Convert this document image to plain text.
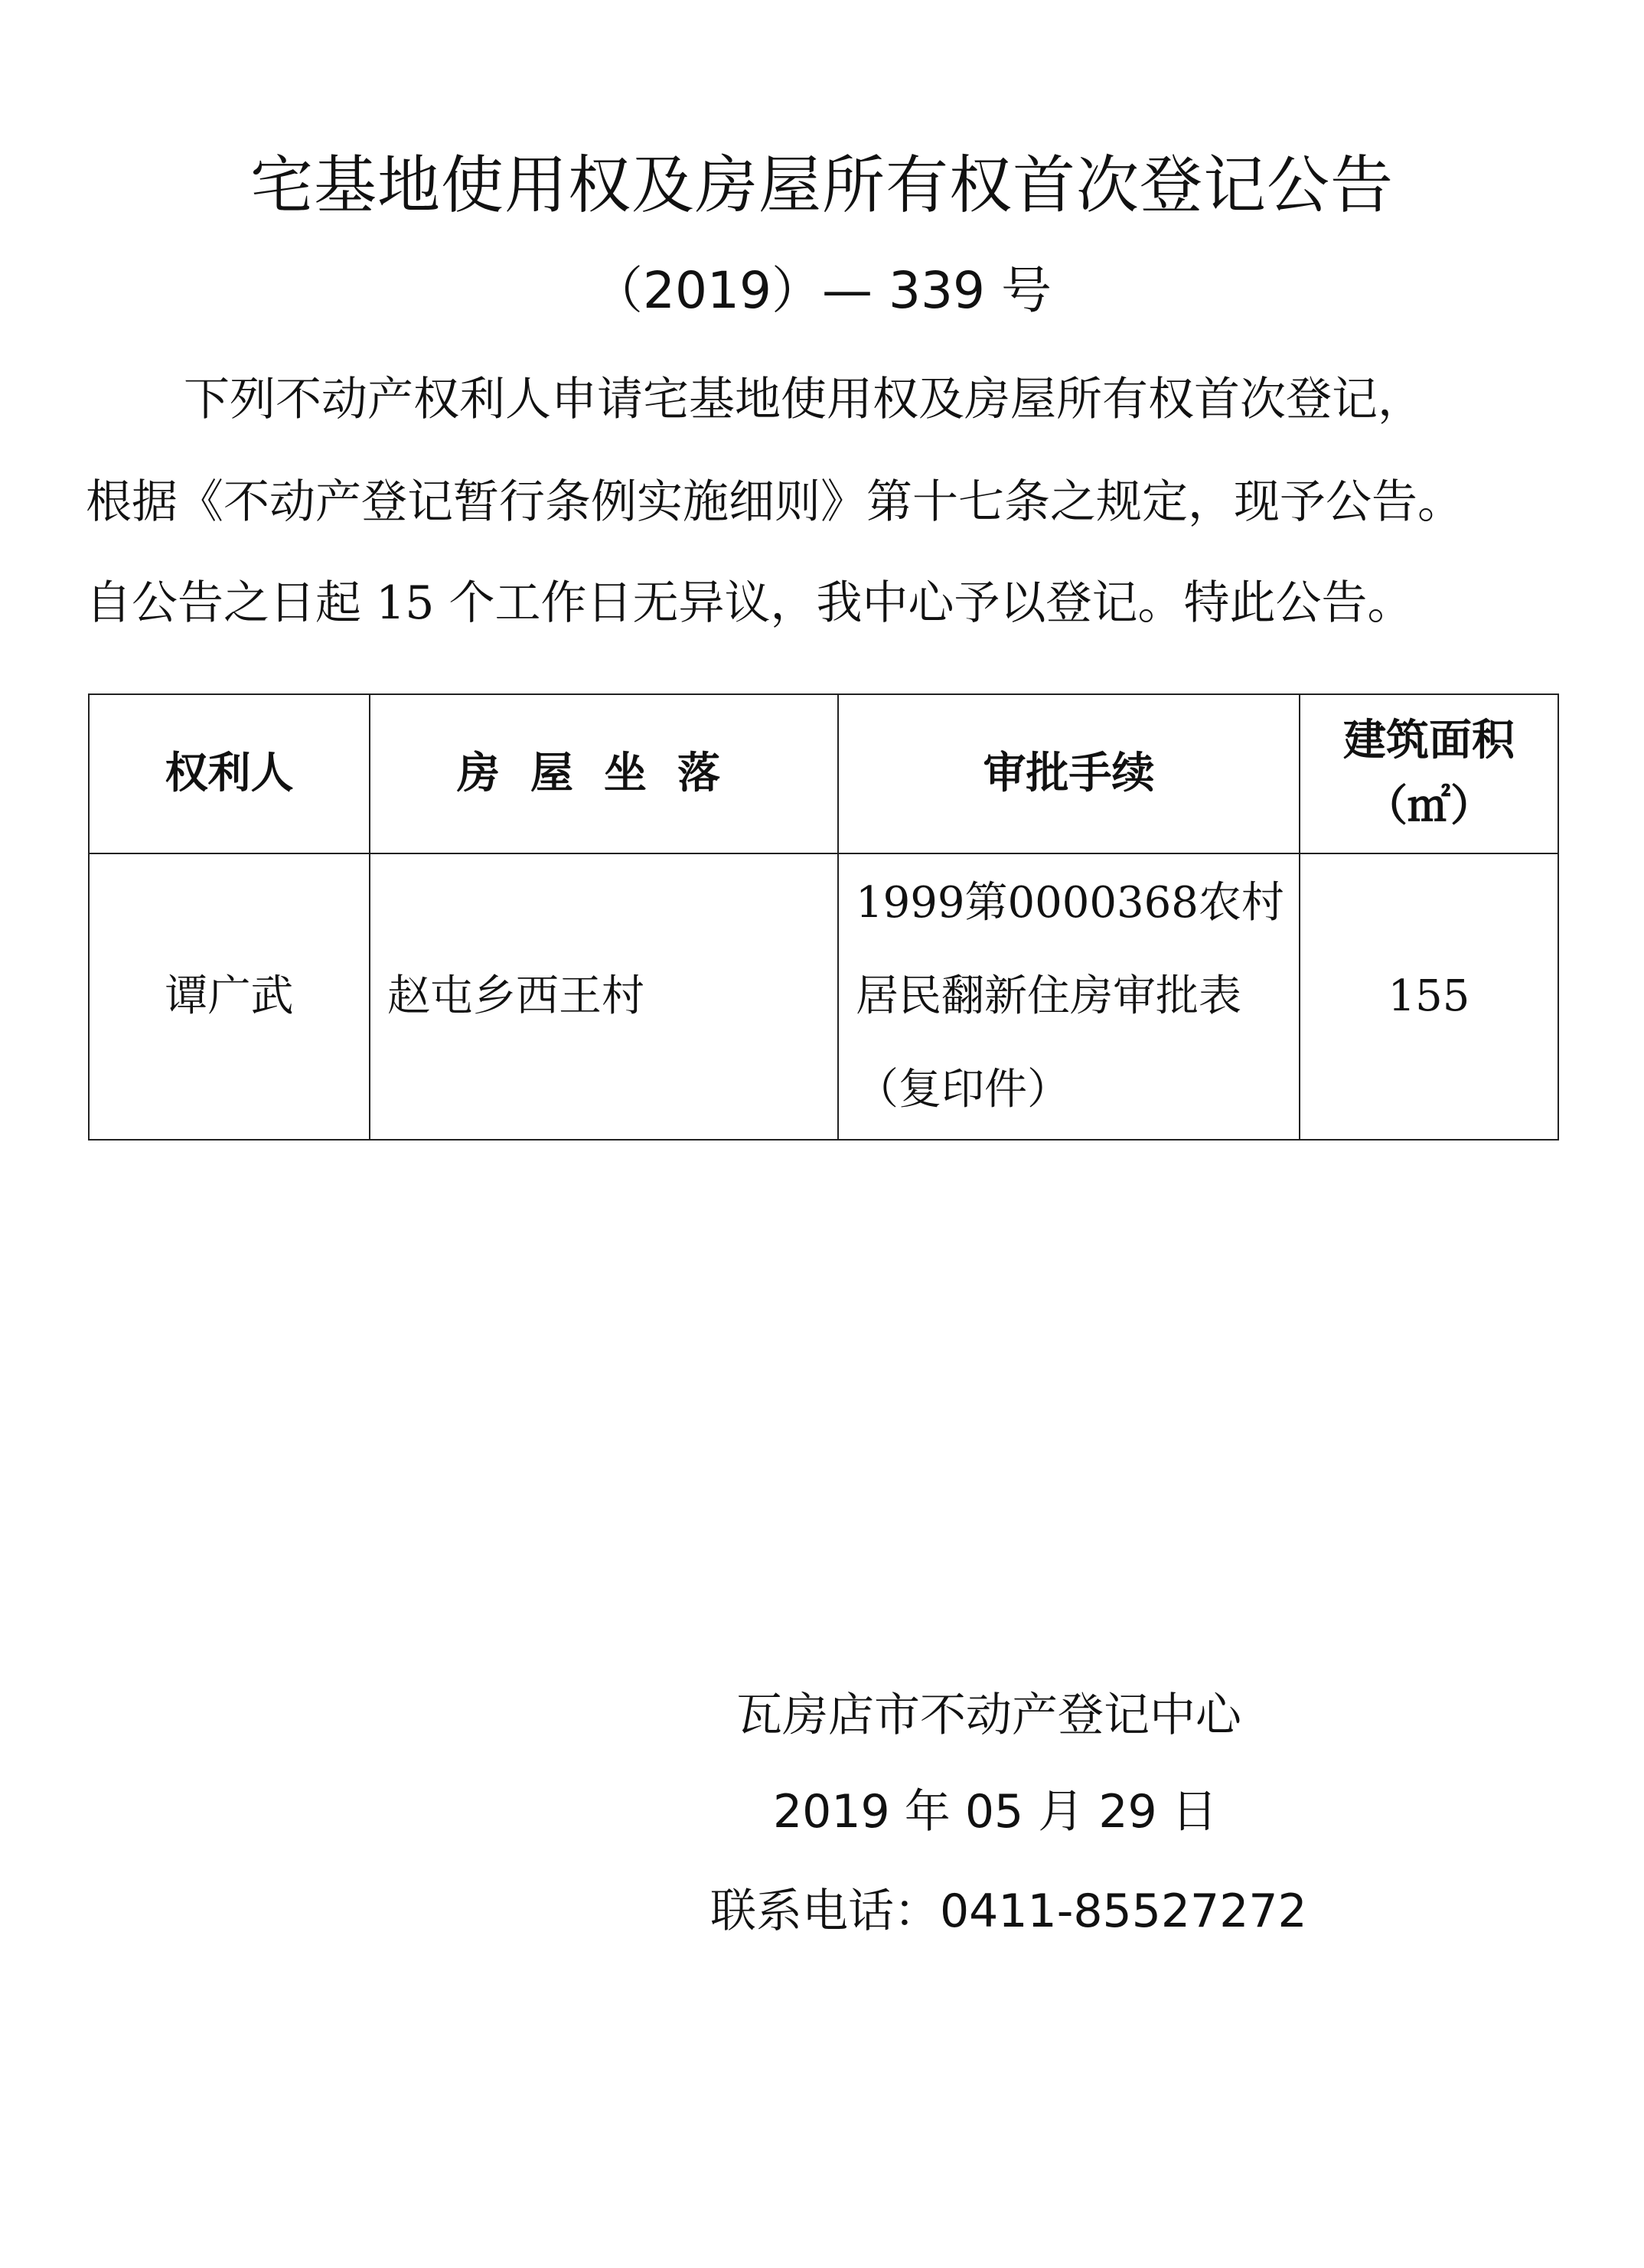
宅基地使用权及房屋所有权首次登记公告
（2019）— 339 号
下列不动产权利人申请宅基地使用权及房屋所有权首次登记，
根据《不动产登记暂行条例实施细则》第十七条之规定，现予公告。
自公告之日起 15 个工作日无异议，我中心予以登记。特此公告。
权利人	房屋坐落	审批手续	建筑面积
（㎡）

谭广武	赵屯乡西王村	1999第0000368农村居民翻新住房审批表（复印件）	155
瓦房店市不动产登记中心
2019 年 05 月 29 日
联系电话：0411-85527272
